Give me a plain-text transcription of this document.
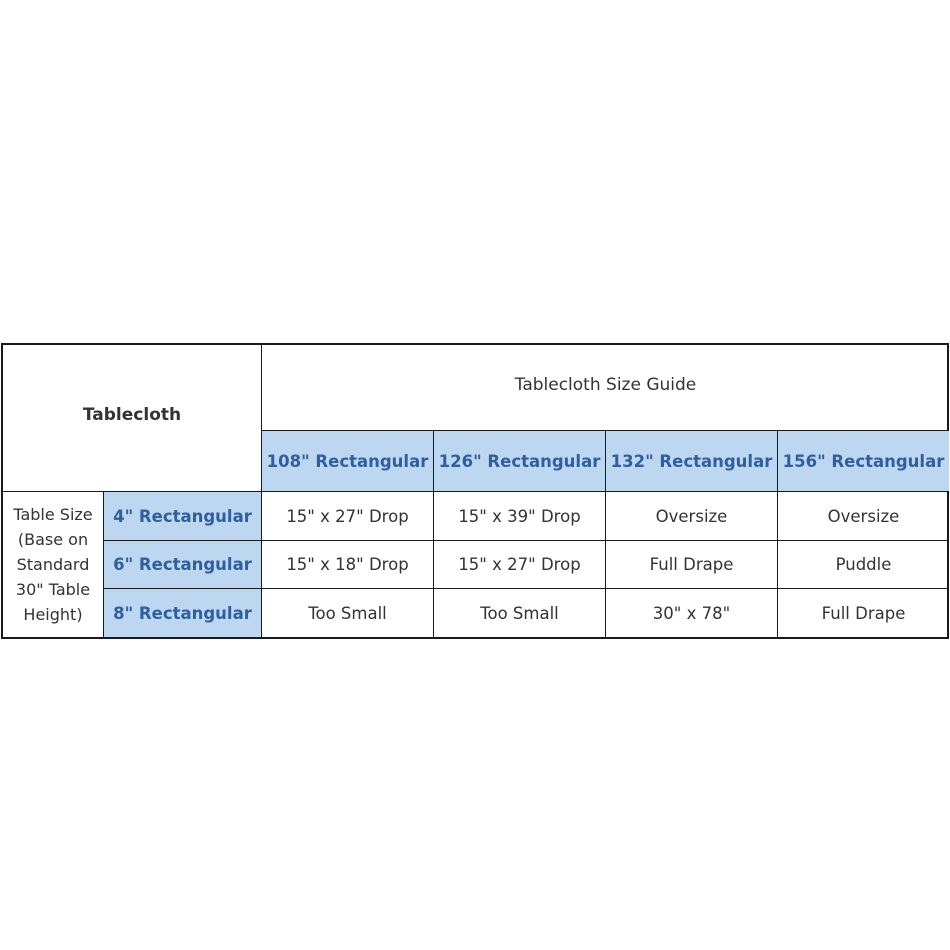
Tablecloth
Tablecloth Size Guide
108" Rectangular 126" Rectangular 132" Rectangular 156" Rectangular
Table Size (Base on Standard 30" Table Height)
4" Rectangular	15" x 27" Drop	15" x 39" Drop	Oversize	Oversize
6" Rectangular	15" x 18" Drop	15" x 27" Drop	Full Drape	Puddle
8" Rectangular	Too Small	Too Small	30" x 78"	Full Drape
